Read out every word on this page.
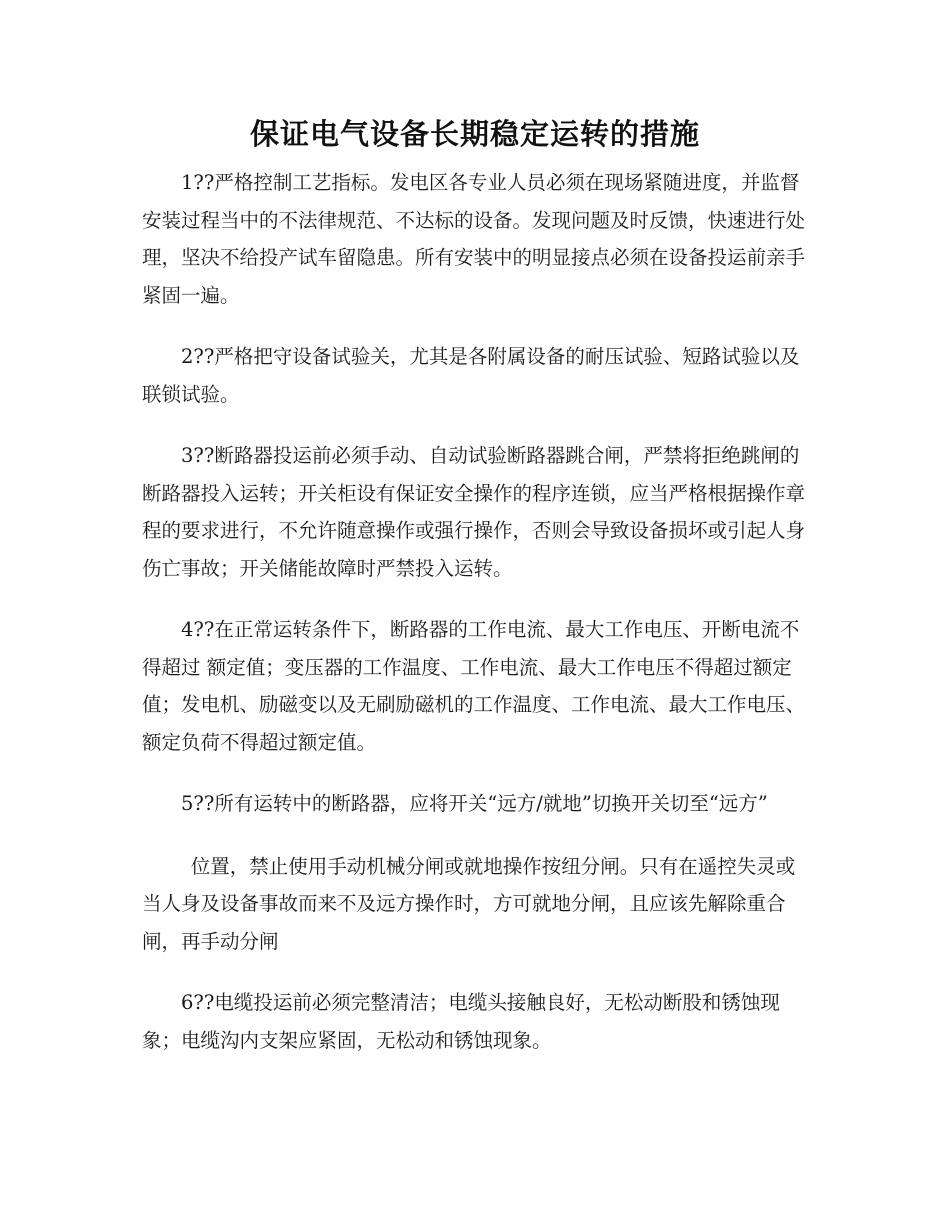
保证电气设备长期稳定运转的措施

1??严格控制工艺指标。发电区各专业人员必须在现场紧随进度，并监督安装过程当中的不法律规范、不达标的设备。发现问题及时反馈，快速进行处理，坚决不给投产试车留隐患。所有安装中的明显接点必须在设备投运前亲手紧固一遍。

2??严格把守设备试验关，尤其是各附属设备的耐压试验、短路试验以及联锁试验。

3??断路器投运前必须手动、自动试验断路器跳合闸，严禁将拒绝跳闸的断路器投入运转；开关柜设有保证安全操作的程序连锁，应当严格根据操作章程的要求进行，不允许随意操作或强行操作，否则会导致设备损坏或引起人身伤亡事故；开关储能故障时严禁投入运转。

4??在正常运转条件下，断路器的工作电流、最大工作电压、开断电流不得超过 额定值；变压器的工作温度、工作电流、最大工作电压不得超过额定值；发电机、励磁变以及无刷励磁机的工作温度、工作电流、最大工作电压、额定负荷不得超过额定值。

5??所有运转中的断路器，应将开关“远方/就地”切换开关切至“远方”

位置，禁止使用手动机械分闸或就地操作按纽分闸。只有在遥控失灵或当人身及设备事故而来不及远方操作时，方可就地分闸，且应该先解除重合闸，再手动分闸

6??电缆投运前必须完整清洁；电缆头接触良好，无松动断股和锈蚀现象；电缆沟内支架应紧固，无松动和锈蚀现象。
